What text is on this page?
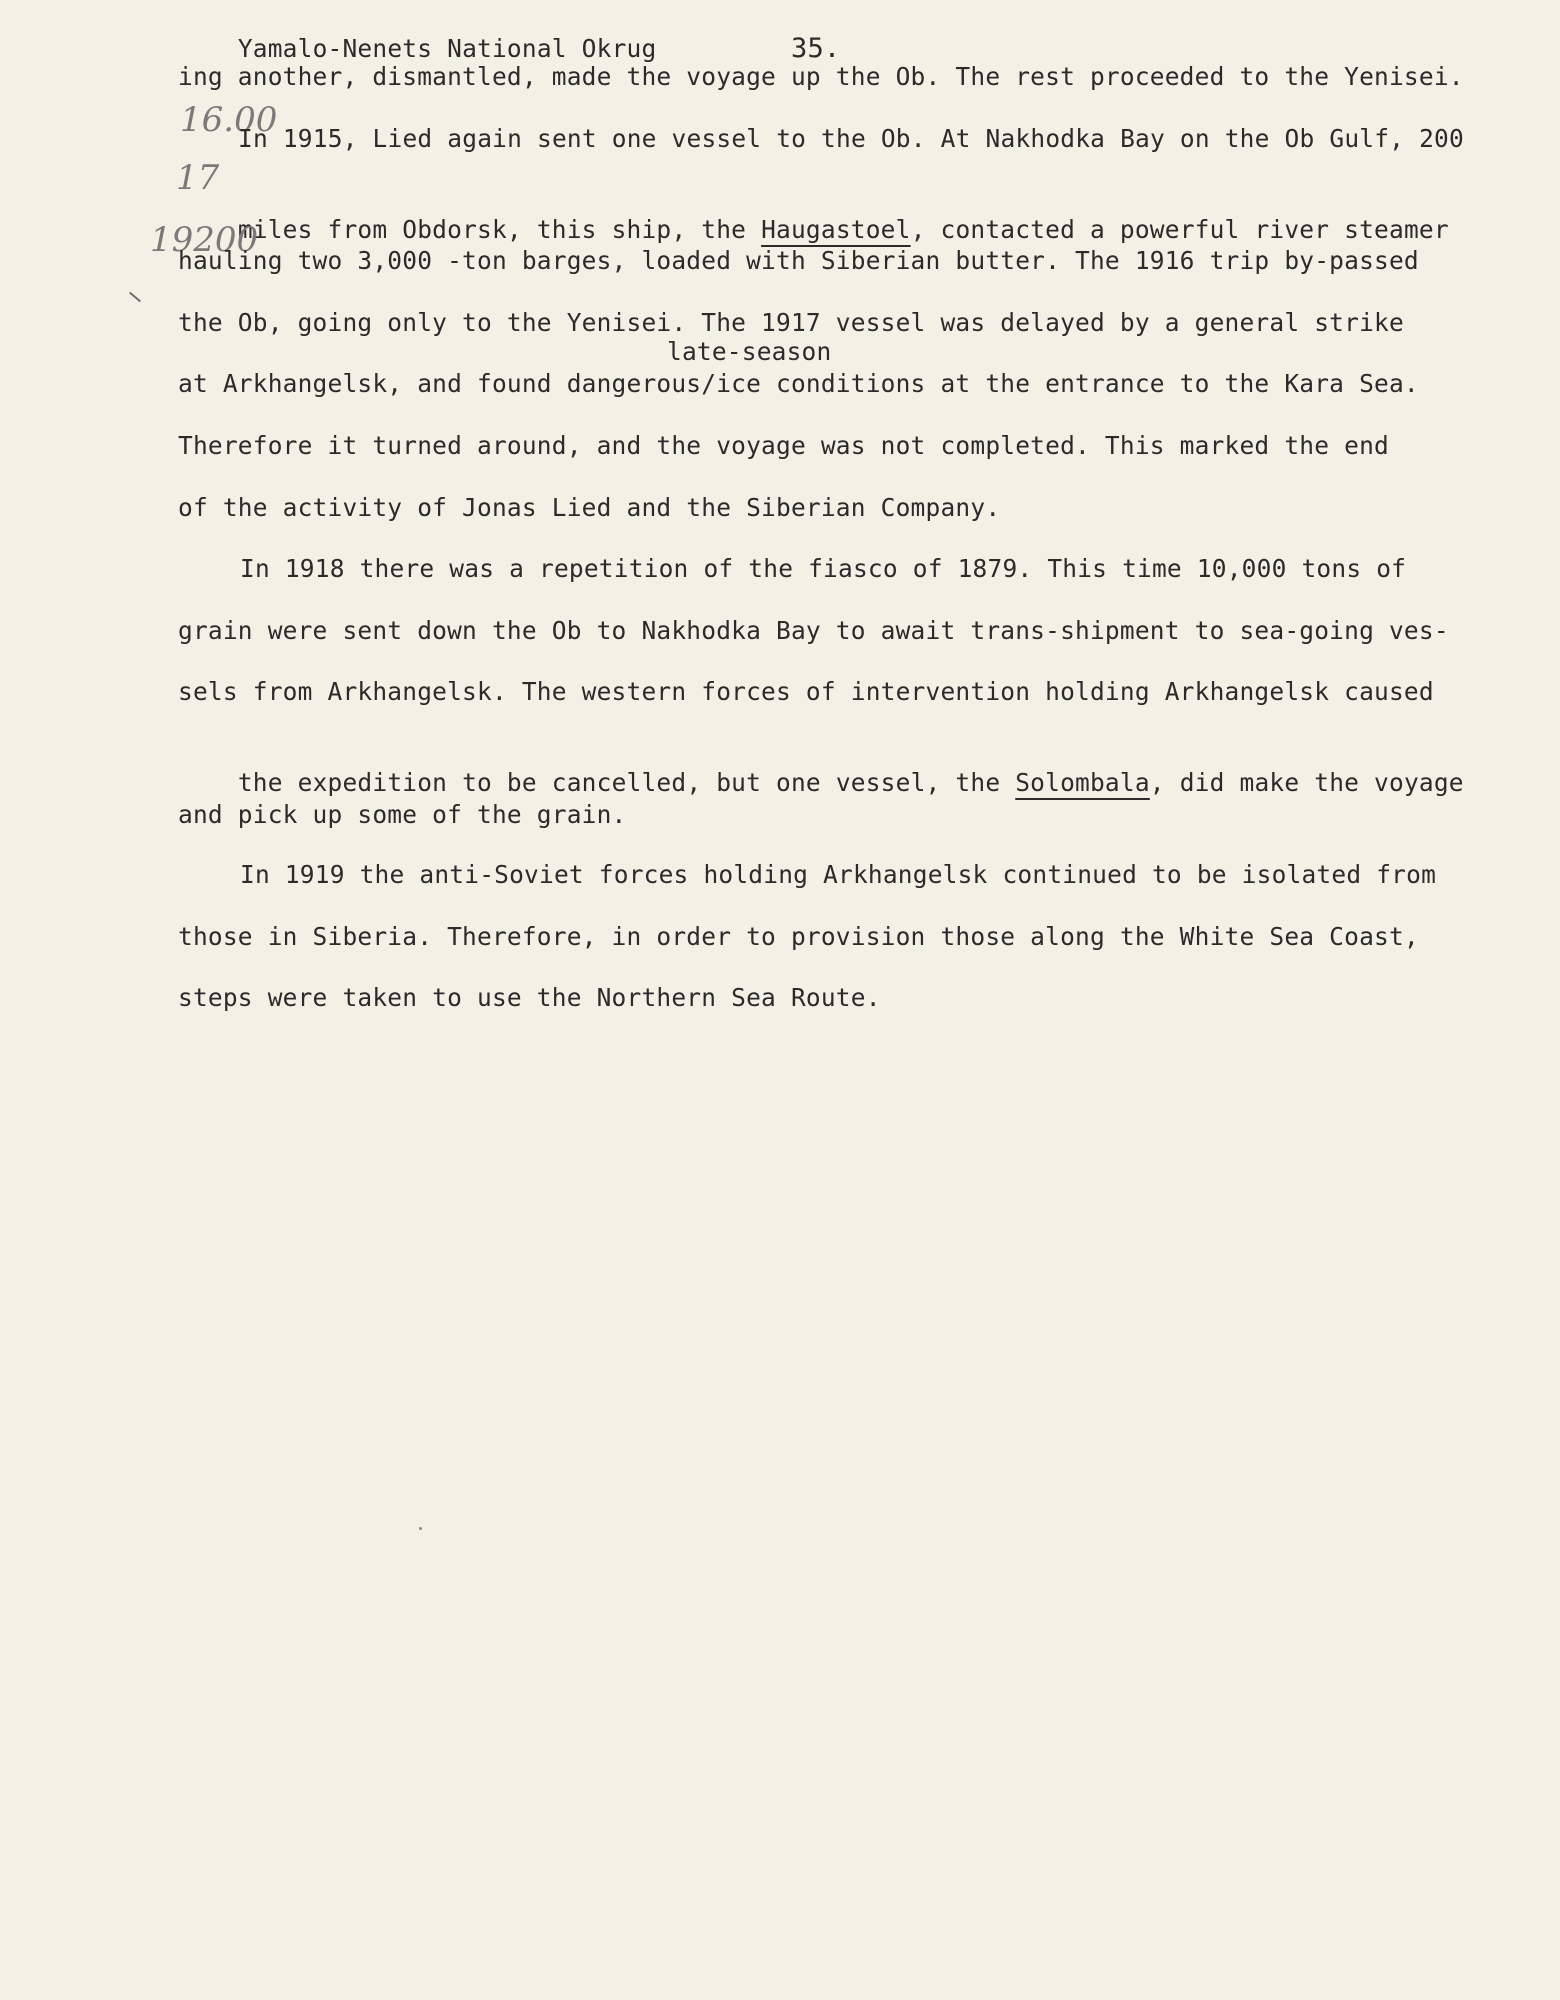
Yamalo-Nenets National Okrug	35.

ing another, dismantled, made the voyage up the Ob. The rest proceeded to the Yenisei.
16.00
In 1915, Lied again sent one vessel to the Ob. At Nakhodka Bay on the Ob Gulf, 200
17

miles from Obdorsk, this ship, the Haugastoel, contacted a powerful river steamer

19200
hauling two 3,000 -ton barges, loaded with Siberian butter. The 1916 trip by-passed
the Ob, going only to the Yenisei. The 1917 vessel was delayed by a general strike
late-season
at Arkhangelsk, and found dangerous/ice conditions at the entrance to the Kara Sea.
Therefore it turned around, and the voyage was not completed. This marked the end
of the activity of Jonas Lied and the Siberian Company.
In 1918 there was a repetition of the fiasco of 1879. This time 10,000 tons of
grain were sent down the Ob to Nakhodka Bay to await trans-shipment to sea-going ves-
sels from Arkhangelsk. The western forces of intervention holding Arkhangelsk caused

the expedition to be cancelled, but one vessel, the Solombala, did make the voyage

and pick up some of the grain.
In 1919 the anti-Soviet forces holding Arkhangelsk continued to be isolated from
those in Siberia. Therefore, in order to provision those along the White Sea Coast,
steps were taken to use the Northern Sea Route.
